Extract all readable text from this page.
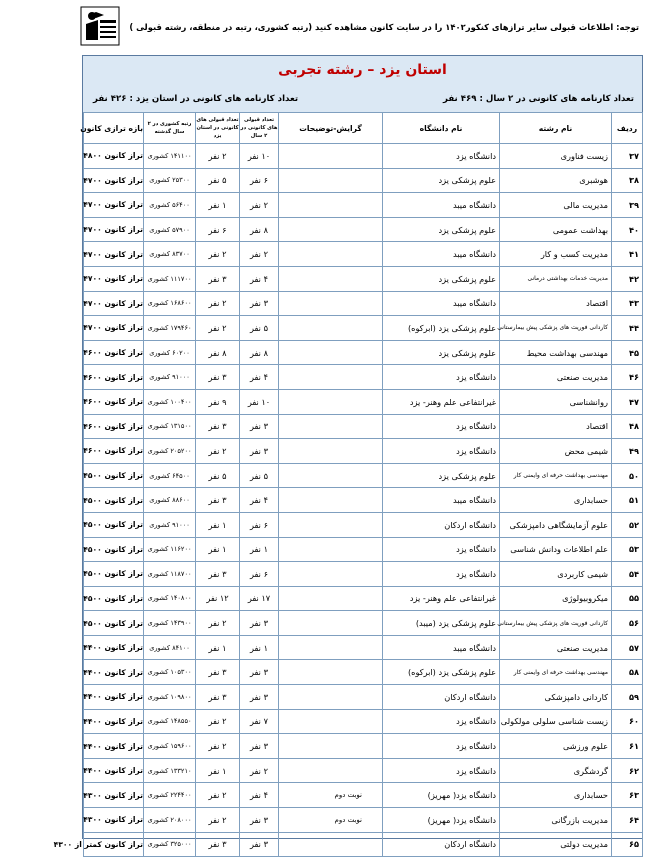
توجه: اطلاعات قبولی سایر ترازهای کنکور۱۴۰۲ را در سایت کانون مشاهده کنید (رتبه کشوری، رتبه در منطقه، رشته قبولی )
استان یزد – رشته تجربی
تعداد کارنامه های کانونی در ۲ سال : ۴۶۹ نفر
تعداد کارنامه های کانونی در استان یزد : ۴۲۶ نفر
ردیف	نام رشته	نام دانشگاه	گرایش-توضیحات	تعداد قبولی های کانونی در ۲ سال	تعداد قبولی های کانونی در استان یزد	رتبه کشوری در ۲ سال گذشته	بازه ترازی کانون
۳۷	زیست فناوری	دانشگاه یزد		۱۰ نفر	۲ نفر	۱۴۱۱۰۰ کشوری	تراز کانون ۴۸۰۰
۳۸	هوشبری	علوم پزشکی یزد		۶ نفر	۵ نفر	۲۵۳۰۰ کشوری	تراز کانون ۴۷۰۰
۳۹	مدیریت مالی	دانشگاه میبد		۲ نفر	۱ نفر	۵۶۴۰۰ کشوری	تراز کانون ۴۷۰۰
۴۰	بهداشت عمومی	علوم پزشکی یزد		۸ نفر	۶ نفر	۵۷۹۰۰ کشوری	تراز کانون ۴۷۰۰
۴۱	مدیریت کسب و کار	دانشگاه میبد		۲ نفر	۲ نفر	۸۳۷۰۰ کشوری	تراز کانون ۴۷۰۰
۴۲	مدیریت خدمات بهداشتی درمانی	علوم پزشکی یزد		۴ نفر	۳ نفر	۱۱۱۷۰۰ کشوری	تراز کانون ۴۷۰۰
۴۳	اقتصاد	دانشگاه میبد		۳ نفر	۲ نفر	۱۶۸۶۰۰ کشوری	تراز کانون ۴۷۰۰
۴۴	کاردانی فوریت های پزشکی پیش بیمارستانی	علوم پزشکی یزد (ابرکوه)		۵ نفر	۲ نفر	۱۷۹۴۶۰ کشوری	تراز کانون ۴۷۰۰
۴۵	مهندسی بهداشت محیط	علوم پزشکی یزد		۸ نفر	۸ نفر	۶۰۲۰۰ کشوری	تراز کانون ۴۶۰۰
۴۶	مدیریت صنعتی	دانشگاه یزد		۴ نفر	۳ نفر	۹۱۰۰۰ کشوری	تراز کانون ۴۶۰۰
۴۷	روانشناسی	غیرانتفاعی علم وهنر- یزد		۱۰ نفر	۹ نفر	۱۰۰۴۰۰ کشوری	تراز کانون ۴۶۰۰
۴۸	اقتصاد	دانشگاه یزد		۳ نفر	۳ نفر	۱۳۱۵۰۰ کشوری	تراز کانون ۴۶۰۰
۴۹	شیمی محض	دانشگاه یزد		۳ نفر	۲ نفر	۲۰۵۲۰۰ کشوری	تراز کانون ۴۶۰۰
۵۰	مهندسی بهداشت حرفه ای وایمنی کار	علوم پزشکی یزد		۵ نفر	۵ نفر	۶۴۵۰۰ کشوری	تراز کانون ۴۵۰۰
۵۱	حسابداری	دانشگاه میبد		۴ نفر	۳ نفر	۸۸۶۰۰ کشوری	تراز کانون ۴۵۰۰
۵۲	علوم آزمایشگاهی دامپزشکی	دانشگاه اردکان		۶ نفر	۱ نفر	۹۱۰۰۰ کشوری	تراز کانون ۴۵۰۰
۵۳	علم اطلاعات ودانش شناسی	دانشگاه یزد		۱ نفر	۱ نفر	۱۱۶۲۰۰ کشوری	تراز کانون ۴۵۰۰
۵۴	شیمی کاربردی	دانشگاه یزد		۶ نفر	۳ نفر	۱۱۸۷۰۰ کشوری	تراز کانون ۴۵۰۰
۵۵	میکروبیولوژی	غیرانتفاعی علم وهنر- یزد		۱۷ نفر	۱۲ نفر	۱۴۰۸۰۰ کشوری	تراز کانون ۴۵۰۰
۵۶	کاردانی فوریت های پزشکی پیش بیمارستانی	علوم پزشکی یزد (میبد)		۳ نفر	۲ نفر	۱۴۳۹۰۰ کشوری	تراز کانون ۴۵۰۰
۵۷	مدیریت صنعتی	دانشگاه میبد		۱ نفر	۱ نفر	۸۴۱۰۰ کشوری	تراز کانون ۴۴۰۰
۵۸	مهندسی بهداشت حرفه ای وایمنی کار	علوم پزشکی یزد (ابرکوه)		۳ نفر	۳ نفر	۱۰۵۳۰۰ کشوری	تراز کانون ۴۴۰۰
۵۹	کاردانی دامپزشکی	دانشگاه اردکان		۳ نفر	۳ نفر	۱۰۹۸۰۰ کشوری	تراز کانون ۴۴۰۰
۶۰	زیست شناسی سلولی مولکولی	دانشگاه یزد		۷ نفر	۲ نفر	۱۴۸۵۵۰ کشوری	تراز کانون ۴۴۰۰
۶۱	علوم ورزشی	دانشگاه یزد		۳ نفر	۲ نفر	۱۵۹۶۰۰ کشوری	تراز کانون ۴۴۰۰
۶۲	گردشگری	دانشگاه یزد		۲ نفر	۱ نفر	۱۳۳۲۱۰ کشوری	تراز کانون ۴۴۰۰
۶۳	حسابداری	دانشگاه یزد( مهریز)	نوبت دوم	۴ نفر	۲ نفر	۲۲۴۴۰۰ کشوری	تراز کانون ۴۳۰۰
۶۴	مدیریت بازرگانی	دانشگاه یزد( مهریز)	نوبت دوم	۳ نفر	۲ نفر	۲۰۸۰۰۰ کشوری	تراز کانون ۴۳۰۰
۶۵	مدیریت دولتی	دانشگاه اردکان		۳ نفر	۳ نفر	۳۲۵۰۰۰ کشوری	تراز کانون کمتر از ۴۳۰۰
